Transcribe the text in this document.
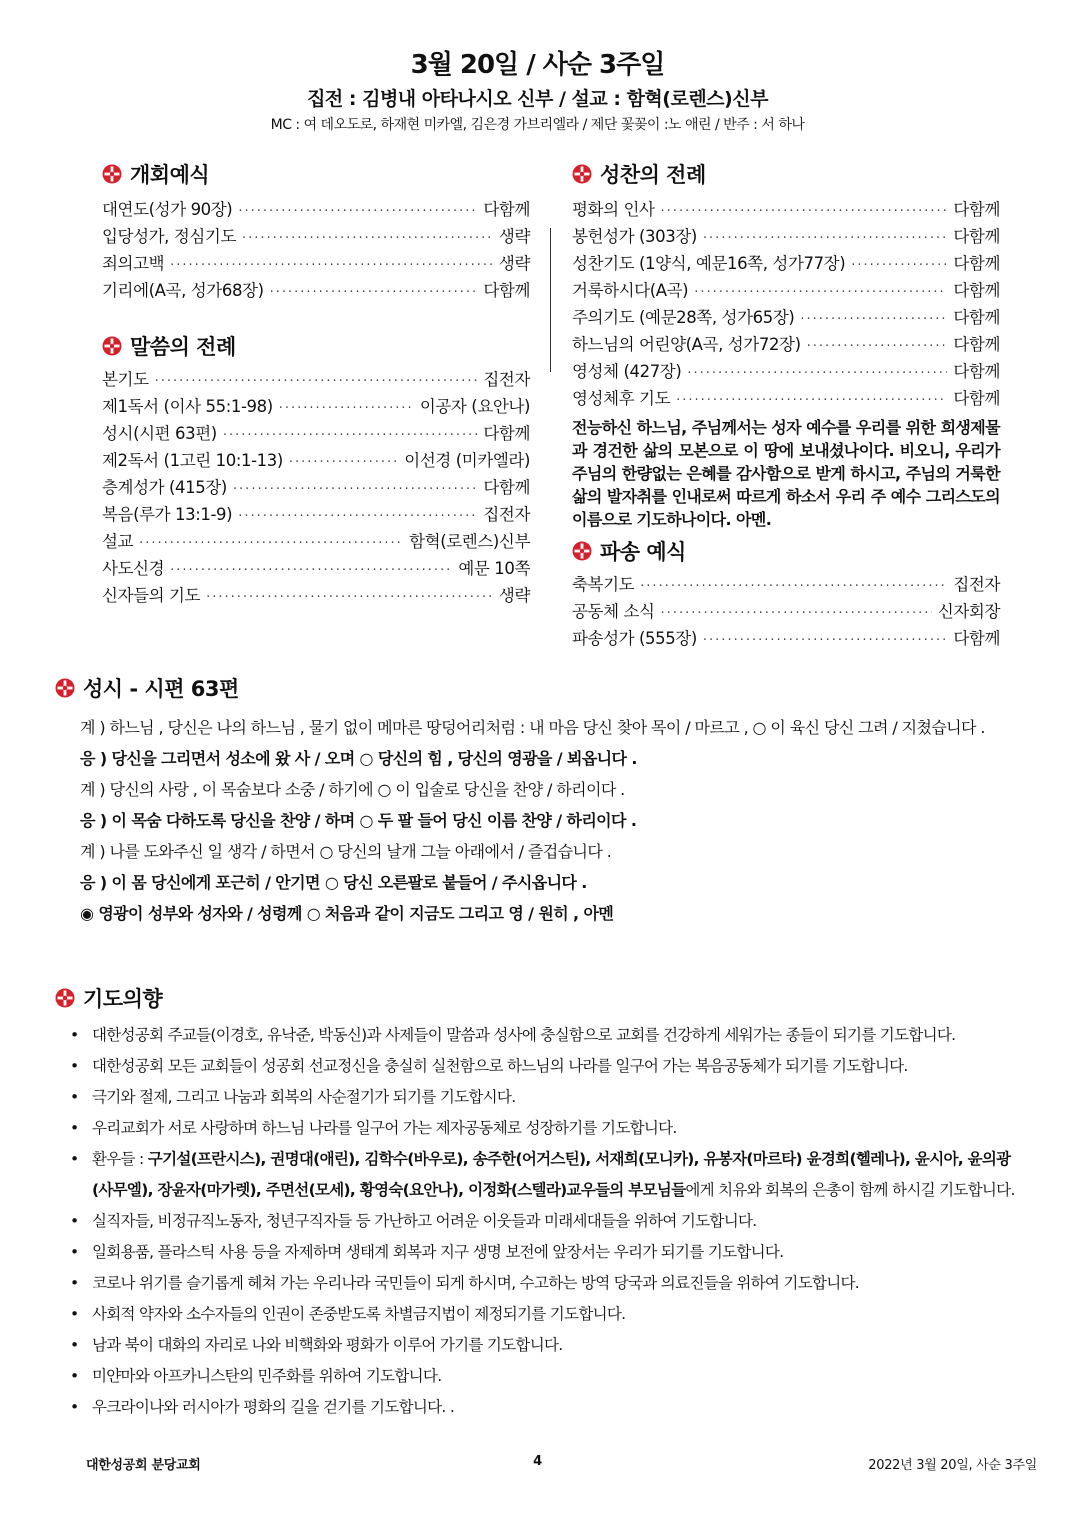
3월 20일 / 사순 3주일
집전 : 김병내 아타나시오 신부 / 설교 : 함혁(로렌스)신부
MC : 여 데오도로, 하재현 미카엘, 김은경 가브리엘라 / 제단 꽃꽂이 :노 애린 / 반주 : 서 하나
개회예식
대연도(성가 90장) ·····	다함께
입당성가, 정심기도 ·····	생략
죄의고백 ·····	생략
기리에(A곡, 성가68장) ·····	다함께
말씀의 전례
본기도 ·····	집전자
제1독서 (이사 55:1-98) ·····	이공자 (요안나)
성시(시편 63편) ·····	다함께
제2독서 (1고린 10:1-13) ·····	이선경 (미카엘라)
층계성가 (415장) ·····	다함께
복음(루가 13:1-9) ·····	집전자
설교 ·····	함혁(로렌스)신부
사도신경 ·····	예문 10쪽
신자들의 기도 ·····	생략
성찬의 전례
평화의 인사 ·····	다함께
봉헌성가 (303장) ·····	다함께
성찬기도 (1양식, 예문16쪽, 성가77장) ·····	다함께
거룩하시다(A곡) ·····	다함께
주의기도 (예문28쪽, 성가65장) ·····	다함께
하느님의 어린양(A곡, 성가72장) ·····	다함께
영성체 (427장) ·····	다함께
영성체후 기도 ·····	다함께
전능하신 하느님, 주님께서는 성자 예수를 우리를 위한 희생제물과 경건한 삶의 모본으로 이 땅에 보내셨나이다. 비오니, 우리가 주님의 한량없는 은혜를 감사함으로 받게 하시고, 주님의 거룩한 삶의 발자취를 인내로써 따르게 하소서 우리 주 예수 그리스도의 이름으로 기도하나이다. 아멘.
파송 예식
축복기도 ·····	집전자
공동체 소식 ·····	신자회장
파송성가 (555장) ·····	다함께
성시 - 시편 63편
계 ) 하느님 , 당신은 나의 하느님 , 물기 없이 메마른 땅덩어리처럼 : 내 마음 당신 찾아 목이 / 마르고 , ○ 이 육신 당신 그려 / 지쳤습니다 .
응 ) 당신을 그리면서 성소에 왔 사 / 오며 ○ 당신의 힘 , 당신의 영광을 / 뵈옵니다 .
계 ) 당신의 사랑 , 이 목숨보다 소중 / 하기에 ○ 이 입술로 당신을 찬양 / 하리이다 .
응 ) 이 목숨 다하도록 당신을 찬양 / 하며 ○ 두 팔 들어 당신 이름 찬양 / 하리이다 .
계 ) 나를 도와주신 일 생각 / 하면서 ○ 당신의 날개 그늘 아래에서 / 즐겁습니다 .
응 ) 이 몸 당신에게 포근히 / 안기면 ○ 당신 오른팔로 붙들어 / 주시옵니다 .
◉ 영광이 성부와 성자와 / 성령께 ○ 처음과 같이 지금도 그리고 영 / 원히 , 아멘
기도의향
• 대한성공회 주교들(이경호, 유낙준, 박동신)과 사제들이 말씀과 성사에 충실함으로 교회를 건강하게 세워가는 종들이 되기를 기도합니다.
• 대한성공회 모든 교회들이 성공회 선교정신을 충실히 실천함으로 하느님의 나라를 일구어 가는 복음공동체가 되기를 기도합니다.
• 극기와 절제, 그리고 나눔과 회복의 사순절기가 되기를 기도합시다.
• 우리교회가 서로 사랑하며 하느님 나라를 일구어 가는 제자공동체로 성장하기를 기도합니다.
• 환우들 : 구기설(프란시스), 권명대(애린), 김학수(바우로), 송주한(어거스틴), 서재희(모니카), 유봉자(마르타) 윤경희(헬레나), 윤시아, 윤의광(사무엘), 장윤자(마가렛), 주면선(모세), 황영숙(요안나), 이정화(스텔라)교우들의 부모님들에게 치유와 회복의 은총이 함께 하시길 기도합니다.
• 실직자들, 비정규직노동자, 청년구직자들 등 가난하고 어려운 이웃들과 미래세대들을 위하여 기도합니다.
• 일회용품, 플라스틱 사용 등을 자제하며 생태계 회복과 지구 생명 보전에 앞장서는 우리가 되기를 기도합니다.
• 코로나 위기를 슬기롭게 헤쳐 가는 우리나라 국민들이 되게 하시며, 수고하는 방역 당국과 의료진들을 위하여 기도합니다.
• 사회적 약자와 소수자들의 인권이 존중받도록 차별금지법이 제정되기를 기도합니다.
• 남과 북이 대화의 자리로 나와 비핵화와 평화가 이루어 가기를 기도합니다.
• 미얀마와 아프카니스탄의 민주화를 위하여 기도합니다.
• 우크라이나와 러시아가 평화의 길을 걷기를 기도합니다. .
대한성공회 분당교회	4	2022년 3월 20일, 사순 3주일
